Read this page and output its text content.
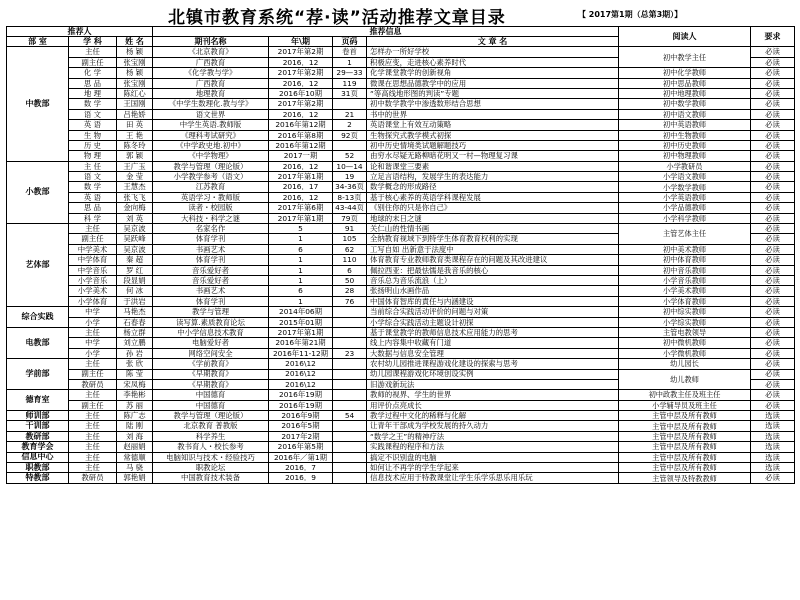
北镇市教育系统“荐·读”活动推荐文章目录	【 2017第1期（总第3期）】
推荐人			推荐信息				阅读人	要求
部 室	学 科	姓 名	期刊名称	年\期	页码	文 章 名		
中教部	主任	杨 颖	《北京教育》	2017年第2期	卷首	怎样办一所好学校	初中教学主任	必读
	副主任	张宝刚	广西教育	2016．12	1	积极应变，走进核心素养时代		必读
	化 学	杨 颖	《化学教与学》	2017年第2期	29—33	化学课堂教学的创新视角	初中化学教师	必读
	思 品	张宝刚	广西教育	2016．12	119	微课在思想品德教学中的应用	初中思品教师	必读
	地 理	陈红心	地理教育	2016年10期	31页	“等高线地形图的判读”专题	初中地理教师	必读
	数 学	王国刚	《中学生数理化.教与学》	2017年第2期		初中数学教学中渗透数形结合思想	初中数学教师	必读
	语 文	吕艳娇	语文世界	2016．12	21	书中的世界	初中语文教师	必读
	英 语	田 英	中学生英语.教师版	2016年第12期	2	英语课堂上有效互动策略	初中英语教师	必读
	生 物	王 艳	《理科考试研究》	2016年第8期	92页	生物探究式教学模式初探	初中生物教师	必读
	历 史	陈冬玲	《中学政史地.初中》	2016年第12期		初中历史情境类试题解题技巧	初中历史教师	必读
	物 理	郭 颖	《中学物理》	2017一期	52	由穷水尽疑无路柳暗花明又一村—物理复习课	初中物理教师	必读
小教部	主 任	王广玉	教学与管理（理论版）	2016．12	10—14	论和谐课堂三要素	小学教研员	必读
	语 文	金 莹	小学教学参考（语文）	2017年第1期	19	立足言语结构，发展学生的表达能力	小学语文教师	必读
	数 学	王慧杰	江苏教育	2016．17	34-36页	数学概念的形成路径	小学数学教师	必读
	英 语	张飞飞	英语学习・教师版	2016．12	8-13页	基于核心素养的英语学科课程发展	小学英语教师	必读
	思 品	金向梅	读者・校园版	2017年第6期	43-44页	《别住你的只是你自己》	小学品德教师	必读
	科 学	刘 英	大科技・科学之谜	2017年第1期	79页	地球的末日之谜	小学科学教师	必读
艺体部	主任	吴京波	名家名作	5	91	关仁山的性情书画	主管艺体主任	必读
	副主任	吴跃峰	体育学刊	1	105	全纳教育视域下到特学生体育教育权利的实现		必读
	中学美术	吴京波	书画艺术	6	62	工写自如 出新意于法度中	初中美术教师	必读
	中学体育	秦 超	体育学刊	1	110	体育教育专业教师教育类课程存在的问题及其改进建议	初中体育教师	必读
	中学音乐	罗 红	音乐爱好者	1	6	佩拉西亚：把最怯懦是我音乐的核心	初中音乐教师	必读
	小学音乐	段显娟	音乐爱好者	1	50	音乐总为音乐流浪（上）	小学音乐教师	必读
	小学美术	何 冰	书画艺术	6	28	张扬明山水画作品	小学美术教师	必读
	小学体育	于洪岩	体育学刊	1	76	中国体育智库的責任与内涵建设	小学体育教师	必读
综合实践	中学	马艳杰	教学与管理	2014年06期		当前综合实践活动评价的问题与对策	初中综实教师	必读
	小学	石春春	读写算.素质教育论坛	2015年01期		小学综合实践活动主题设计初探	小学综实教师	必读
电教部	主任	杨立群	中小学信息技术教育	2017年第1期		基于课堂教学的教师信息技术应用能力的思考	主管电教领导	必读
	中学	刘立鹏	电脑爱好者	2016年第21期		线上内容集中收藏有门道	初中微机教师	必读
	小学	孙 岩	网络空间安全	2016年11-12期	23	大数据与信息安全管理	小学微机教师	必读
学前部	主任	张 欣	《学前教育》	2016\12		农村幼儿园推进课程游戏化建设的探索与思考	幼儿园长	必读
	副主任	陈 莹	《早期教育》	2016\12		幼儿园课程游戏化环境创设实例	幼儿教师	必读
	教研员	宋凤梅	《早期教育》	2016\12		旧游戏新玩法		必读
德育室	主任	李艳彬	中国德育	2016年19期		教师的视界、学生的世界	初中政教主任及班主任	必读
	副主任	苏 丽	中国德育	2016年19期		用评价点亮成长	小学辅导员及班主任	必读
师训部	主任	陈广志	教学与管理（理论版）	2016年9期	54	教学过程中文化的稀释与化解	主管中层及所有教师	选读
干训部	主任	陆 刚	北京教育 普教版	2016年5期		让青年干部成为学校发展的持久动力	主管中层及所有教师	选读
教研部	主任	刘 海	科学养生	2017年2期		“数学之王”的精神疗法	主管中层及所有教师	选读
教育学会	主任	赵丽娟	教书育人・校长参考	2016年第5期		实践课程的程序和方法	主管中层及所有教师	选读
信息中心	主任	常德顺	电脑知识与技术・经验技巧	2016年／第1期		搞定不识别盘的电脑	主管中层及所有教师	选读
职教部	主任	马 骁	职教论坛	2016．7		如何让不再学的学生学起来	主管中层及所有教师	选读
特教部	教研员	郭艳娟	中国教育技术装备	2016．9		信息技术应用于特教课堂让学生乐学乐思乐用乐玩	主管领导及特教教师	必读
